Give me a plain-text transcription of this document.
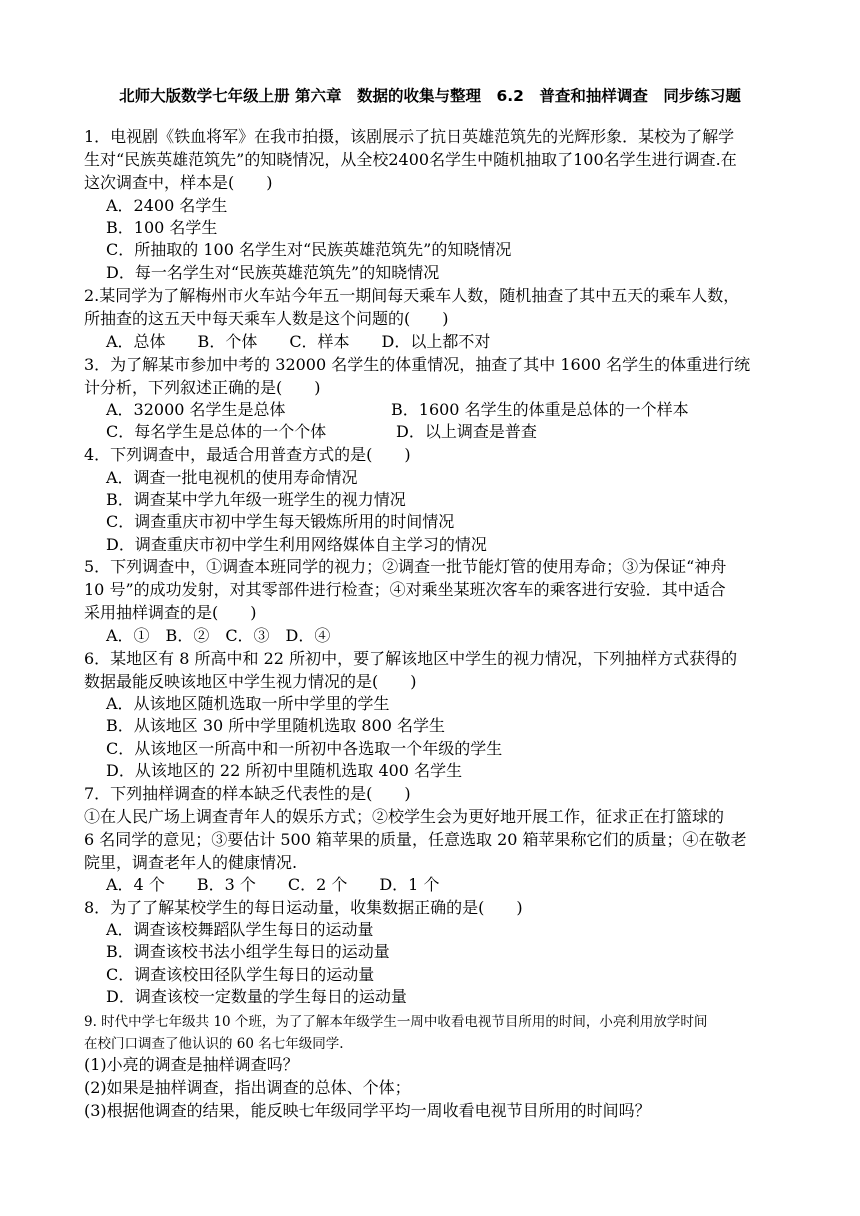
北师大版数学七年级上册 第六章　数据的收集与整理　6.2　普查和抽样调查　同步练习题
1．电视剧《铁血将军》在我市拍摄，该剧展示了抗日英雄范筑先的光辉形象．某校为了解学
生对“民族英雄范筑先”的知晓情况，从全校2400名学生中随机抽取了100名学生进行调查.在
这次调查中，样本是(　　)
A．2400 名学生
B．100 名学生
C．所抽取的 100 名学生对“民族英雄范筑先”的知晓情况
D．每一名学生对“民族英雄范筑先”的知晓情况
2.某同学为了解梅州市火车站今年五一期间每天乘车人数，随机抽查了其中五天的乘车人数，
所抽查的这五天中每天乘车人数是这个问题的(　　)
A．总体　　B．个体　　C．样本　　D．以上都不对
3．为了解某市参加中考的 32000 名学生的体重情况，抽查了其中 1600 名学生的体重进行统
计分析，下列叙述正确的是(　　)
A．32000 名学生是总体	B．1600 名学生的体重是总体的一个样本
C．每名学生是总体的一个个体	D．以上调查是普查
4．下列调查中，最适合用普查方式的是(　　)
A．调查一批电视机的使用寿命情况
B．调查某中学九年级一班学生的视力情况
C．调查重庆市初中学生每天锻炼所用的时间情况
D．调查重庆市初中学生利用网络媒体自主学习的情况
5．下列调查中，①调查本班同学的视力；②调查一批节能灯管的使用寿命；③为保证“神舟
10 号”的成功发射，对其零部件进行检查；④对乘坐某班次客车的乘客进行安验．其中适合
采用抽样调查的是(　　)
A．①　B．②　C．③　D．④
6．某地区有 8 所高中和 22 所初中，要了解该地区中学生的视力情况，下列抽样方式获得的
数据最能反映该地区中学生视力情况的是(　　)
A．从该地区随机选取一所中学里的学生
B．从该地区 30 所中学里随机选取 800 名学生
C．从该地区一所高中和一所初中各选取一个年级的学生
D．从该地区的 22 所初中里随机选取 400 名学生
7．下列抽样调查的样本缺乏代表性的是(　　)
①在人民广场上调查青年人的娱乐方式；②校学生会为更好地开展工作，征求正在打篮球的
6 名同学的意见；③要估计 500 箱苹果的质量，任意选取 20 箱苹果称它们的质量；④在敬老
院里，调查老年人的健康情况.
A．4 个　　B．3 个　　C．2 个　　D．1 个
8．为了了解某校学生的每日运动量，收集数据正确的是(　　)
A．调查该校舞蹈队学生每日的运动量
B．调查该校书法小组学生每日的运动量
C．调查该校田径队学生每日的运动量
D．调查该校一定数量的学生每日的运动量
9. 时代中学七年级共 10 个班，为了了解本年级学生一周中收看电视节目所用的时间，小亮利用放学时间
在校门口调查了他认识的 60 名七年级同学.
(1)小亮的调查是抽样调查吗？
(2)如果是抽样调查，指出调查的总体、个体；
(3)根据他调查的结果，能反映七年级同学平均一周收看电视节目所用的时间吗？
